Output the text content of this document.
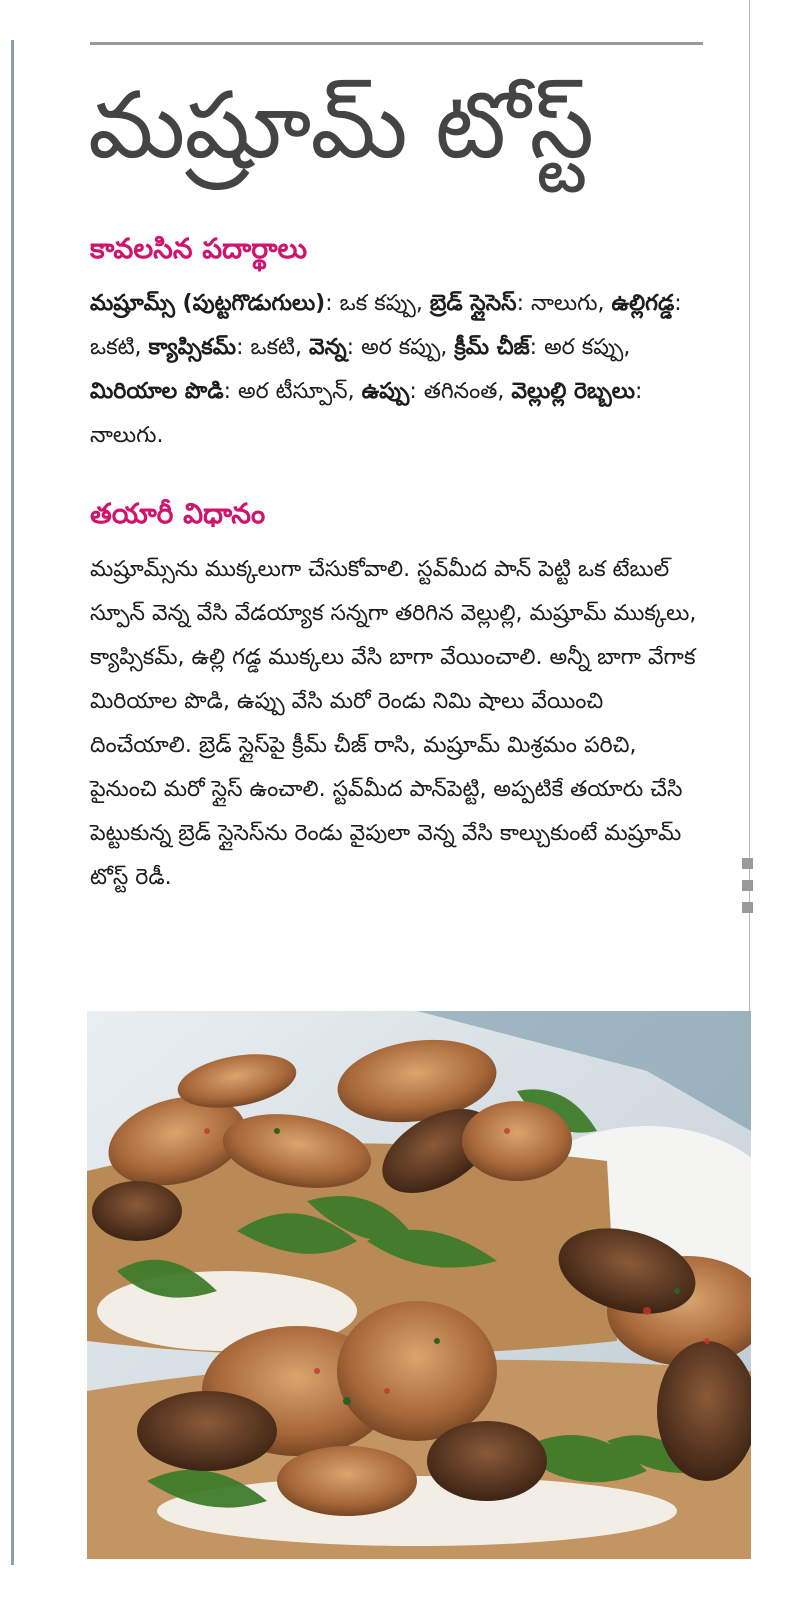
మష్రూమ్ టోస్ట్
కావలసిన పదార్థాలు
మష్రూమ్స్ (పుట్టగొడుగులు): ఒక కప్పు, బ్రెడ్ స్లైసెస్: నాలుగు, ఉల్లిగడ్డ: ఒకటి, క్యాప్సికమ్: ఒకటి, వెన్న: అర కప్పు, క్రీమ్ చీజ్: అర కప్పు, మిరియాల పొడి: అర టీస్పూన్, ఉప్పు: తగినంత, వెల్లుల్లి రెబ్బలు: నాలుగు.
తయారీ విధానం
మష్రూమ్స్‌ను ముక్కలుగా చేసుకోవాలి. స్టవ్‌మీద పాన్ పెట్టి ఒక టేబుల్ స్పూన్ వెన్న వేసి వేడయ్యాక సన్నగా తరిగిన వెల్లుల్లి, మష్రూమ్ ముక్కలు, క్యాప్సికమ్, ఉల్లి గడ్డ ముక్కలు వేసి బాగా వేయించాలి. అన్నీ బాగా వేగాక మిరియాల పొడి, ఉప్పు వేసి మరో రెండు నిమి షాలు వేయించి దించేయాలి. బ్రెడ్ స్లైస్‌పై క్రీమ్ చీజ్ రాసి, మష్రూమ్ మిశ్రమం పరిచి, పైనుంచి మరో స్లైస్ ఉంచాలి. స్టవ్‌మీద పాన్‌పెట్టి, అప్పటికే తయారు చేసి పెట్టుకున్న బ్రెడ్ స్లైసెస్‌ను రెండు వైపులా వెన్న వేసి కాల్చుకుంటే మష్రూమ్ టోస్ట్ రెడీ.
